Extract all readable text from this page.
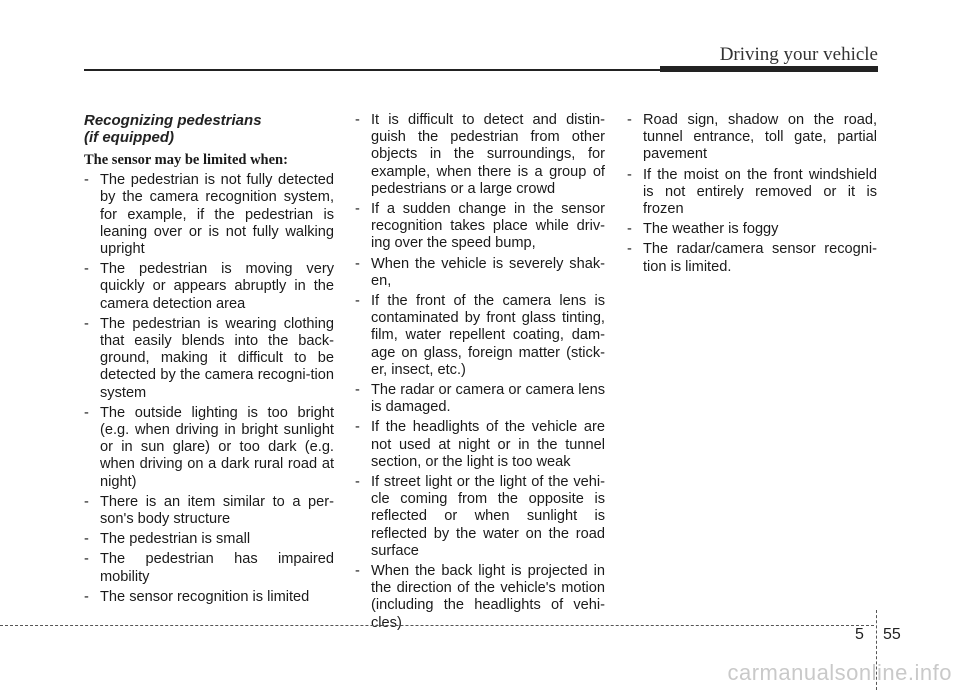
Driving your vehicle
Recognizing pedestrians
(if equipped)
The sensor may be limited when:
- The pedestrian is not fully detected by the camera recognition system, for example, if the pedestrian is leaning over or is not fully walking upright
- The pedestrian is moving very quickly or appears abruptly in the camera detection area
- The pedestrian is wearing clothing that easily blends into the back-ground, making it difficult to be detected by the camera recogni-tion system
- The outside lighting is too bright (e.g. when driving in bright sunlight or in sun glare) or too dark (e.g. when driving on a dark rural road at night)
- There is an item similar to a per-son's body structure
- The pedestrian is small
- The pedestrian has impaired mobility
- The sensor recognition is limited
- It is difficult to detect and distin-guish the pedestrian from other objects in the surroundings, for example, when there is a group of pedestrians or a large crowd
- If a sudden change in the sensor recognition takes place while driv-ing over the speed bump,
- When the vehicle is severely shak-en,
- If the front of the camera lens is contaminated by front glass tinting, film, water repellent coating, dam-age on glass, foreign matter (stick-er, insect, etc.)
- The radar or camera or camera lens is damaged.
- If the headlights of the vehicle are not used at night or in the tunnel section, or the light is too weak
- If street light or the light of the vehi-cle coming from the opposite is reflected or when sunlight is reflected by the water on the road surface
- When the back light is projected in the direction of the vehicle's motion (including the headlights of vehi-cles)
- Road sign, shadow on the road, tunnel entrance, toll gate, partial pavement
- If the moist on the front windshield is not entirely removed or it is frozen
- The weather is foggy
- The radar/camera sensor recogni-tion is limited.
5 55
carmanualsonline.info
